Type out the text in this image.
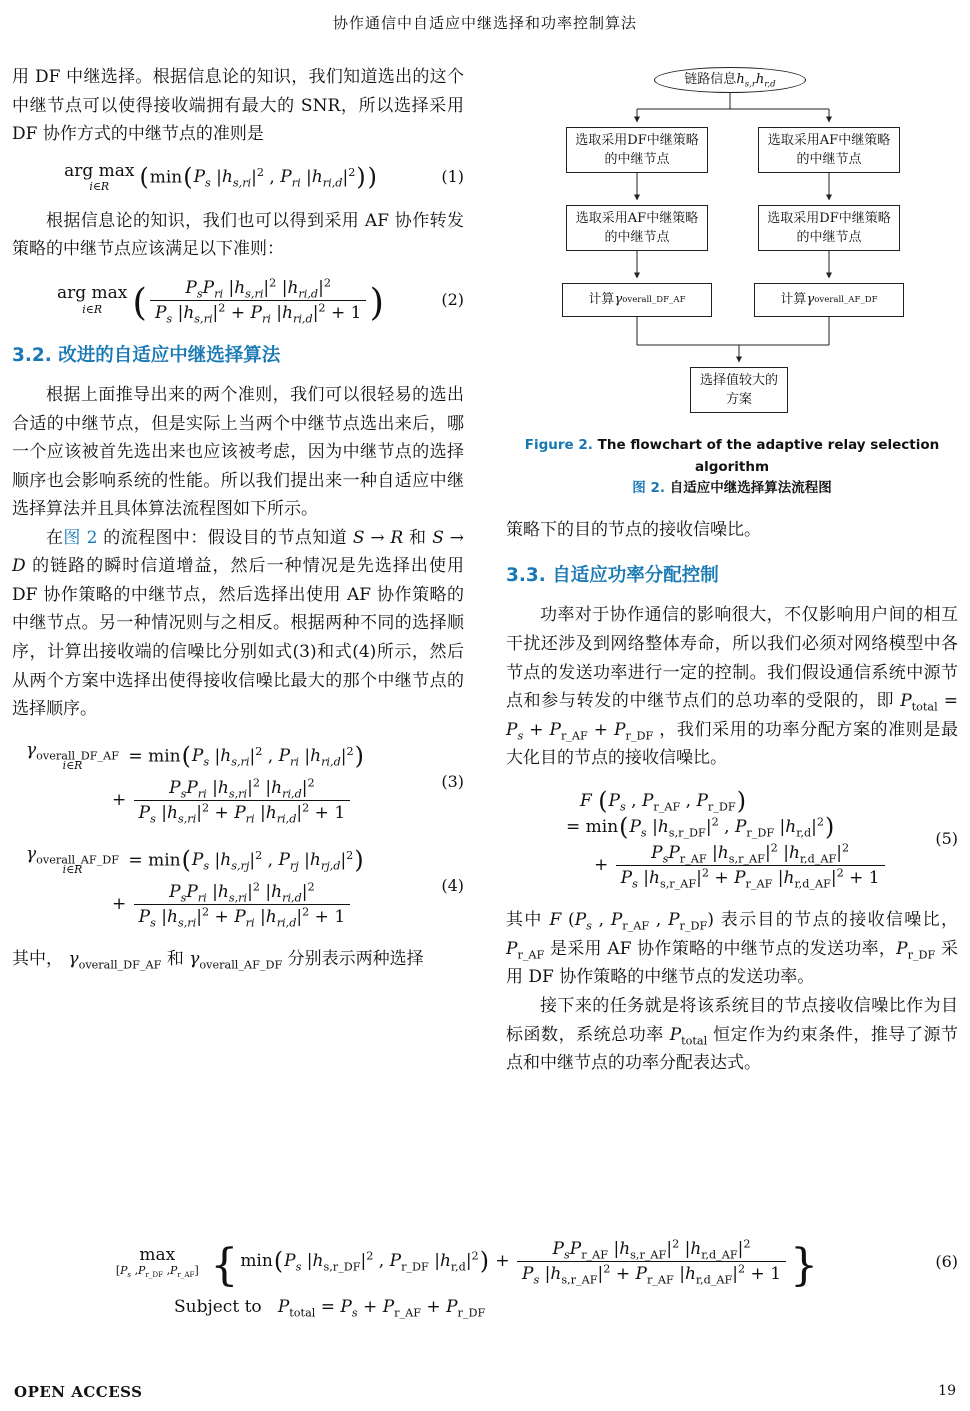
协作通信中自适应中继选择和功率控制算法

用 DF 中继选择。根据信息论的知识，我们知道选出的这个中继节点可以使得接收端拥有最大的 SNR，所以选择采用 DF 协作方式的中继节点的准则是

arg max
i∈R	($\min(P_s$ $|h_{s,ri}|^2$ , $P_{ri}$ $|h_{ri,d}|^2$))	(1)

根据信息论的知识，我们也可以得到采用 AF 协作转发策略的中继节点应该满足以下准则：

arg max
i∈R ( $\frac{P_sP_{ri} |h_{s,ri}|^2 |h_{ri,d}|^2}{P_s |h_{s,ri}|^2 + P_{ri} |h_{ri,d}|^2 + 1}$ )	(2)

3.2. 改进的自适应中继选择算法

根据上面推导出来的两个准则，我们可以很轻易的选出合适的中继节点，但是实际上当两个中继节点选出来后，哪一个应该被首先选出来也应该被考虑，因为中继节点的选择顺序也会影响系统的性能。所以我们提出来一种自适应中继选择算法并且具体算法流程图如下所示。

在图 2 的流程图中：假设目的节点知道 S → R 和 S → D 的链路的瞬时信道增益，然后一种情况是先选择出使用 DF 协作策略的中继节点，然后选择出使用 AF 协作策略的中继节点。另一种情况则与之相反。根据两种不同的选择顺序，计算出接收端的信噪比分别如式(3)和式(4)所示，然后从两个方案中选择出使得接收信噪比最大的那个中继节点的选择顺序。

$\gamma_{overall\_DF\_AF}$
i∈R	= $\min(P_s$ $|h_{s,ri}|^2$ , $P_{ri}$ $|h_{ri,d}|^2$)
+ $\frac{P_sP_{ri} |h_{s,ri}|^2 |h_{ri,d}|^2}{P_s |h_{s,ri}|^2 + P_{ri} |h_{ri,d}|^2 + 1}$	(3)
$\gamma_{overall\_AF\_DF}$
i∈R	= $\min(P_s$ $|h_{s,rj}|^2$ , $P_{rj}$ $|h_{rj,d}|^2$)
+ $\frac{P_sP_{ri} |h_{s,ri}|^2 |h_{ri,d}|^2}{P_s |h_{s,ri}|^2 + P_{ri} |h_{ri,d}|^2 + 1}$	(4)

其中， $\gamma_{overall\_DF\_AF}$ 和 $\gamma_{overall\_AF\_DF}$ 分别表示两种选择

链路信息 $h_{s,r}$ $h_{r,d}$
选取采用DF中继策略的中继节点
选取采用AF中继策略的中继节点
选取采用AF中继策略的中继节点
选取采用DF中继策略的中继节点
计算 γ overall_DF_AF	计算 γ overall_AF_DF
选择值较大的方案
Figure 2. The flowchart of the adaptive relay selection algorithm
图 2. 自适应中继选择算法流程图

策略下的目的节点的接收信噪比。

3.3. 自适应功率分配控制

功率对于协作通信的影响很大，不仅影响用户间的相互干扰还涉及到网络整体寿命，所以我们必须对网络模型中各节点的发送功率进行一定的控制。我们假设通信系统中源节点和参与转发的中继节点们的总功率的受限的，即 $P_{total} = P_s + P_{r\_AF} + P_{r\_DF}$ ，我们采用的功率分配方案的准则是最大化目的节点的接收信噪比。

F ($P_s$ , $P_{r\_AF}$ , $P_{r\_DF}$)
= $\min(P_s$ $|h_{s,r\_DF}|^2$ , $P_{r\_DF}$ $|h_{r,d}|^2$)
+ $\frac{P_sP_{r\_AF} |h_{s,r\_AF}|^2 |h_{r,d\_AF}|^2}{P_s |h_{s,r\_AF}|^2 + P_{r\_AF} |h_{r,d\_AF}|^2 + 1}$
(5)

其中 F ($P_s$ , $P_{r\_AF}$ , $P_{r\_DF}$) 表示目的节点的接收信噪比，$P_{r\_AF}$ 是采用 AF 协作策略的中继节点的发送功率，$P_{r\_DF}$ 采用 DF 协作策略的中继节点的发送功率。

接下来的任务就是将该系统目的节点接收信噪比作为目标函数，系统总功率 $P_{total}$ 恒定作为约束条件，推导了源节点和中继节点的功率分配表达式。

max
[$P_s$ $,P_{r\_DF}$ $,P_{r\_AF}$] { $\min(P_s$ $|h_{s,r\_DF}|^2$ , $P_{r\_DF}$ $|h_{r,d}|^2) + \frac{P_sP_{r\_AF} |h_{s,r\_AF}|^2 |h_{r,d\_AF}|^2}{P_s |h_{s,r\_AF}|^2 + P_{r\_AF} |h_{r,d\_AF}|^2 + 1}$ }	(6)
Subject to   $P_{total} = P_s + P_{r\_AF} + P_{r\_DF}$
OPEN ACCESS	19
